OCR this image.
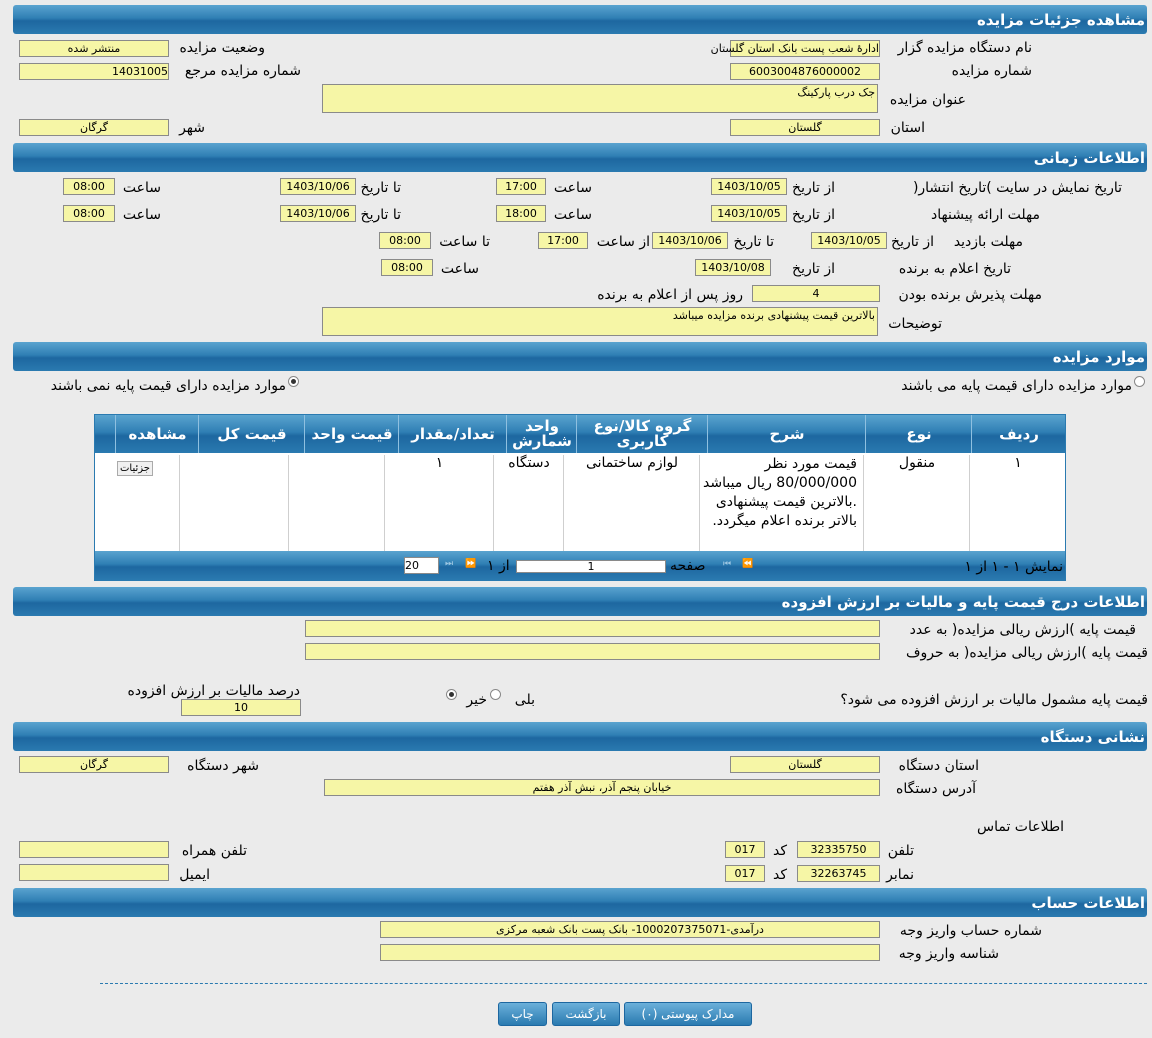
مشاهده جزئیات مزایده
نام دستگاه مزایده گزار
ادارۀ شعب پست بانک استان گلستان
وضعیت مزایده
منتشر شده
شماره مزایده
6003004876000002
شماره مزایده مرجع
14031005
عنوان مزایده
جک درب پارکینگ
استان
گلستان
شهر
گرگان
اطلاعات زمانی
تاریخ نمایش در سایت )تاریخ انتشار(
از تاریخ
1403/10/05
ساعت
17:00
تا تاریخ
1403/10/06
ساعت
08:00
مهلت ارائه پیشنهاد
از تاریخ
1403/10/05
ساعت
18:00
تا تاریخ
1403/10/06
ساعت
08:00
مهلت بازدید
از تاریخ
1403/10/05
تا تاریخ
1403/10/06
از ساعت
17:00
تا ساعت
08:00
تاریخ اعلام به برنده
از تاریخ
1403/10/08
ساعت
08:00
مهلت پذیرش برنده بودن
4
روز پس از اعلام به برنده
توضیحات
بالاترین قیمت پیشنهادی برنده مزایده میباشد
موارد مزایده
موارد مزایده دارای قیمت پایه می باشند
موارد مزایده دارای قیمت پایه نمی باشند
ردیف
نوع
شرح
گروه کالا/نوع کاربری
واحد شمارش
تعداد/مقدار
قیمت واحد
قیمت کل
مشاهده
۱
منقول
قیمت مورد نظر 80/000/000 ریال میباشد .بالاترین قیمت پیشنهادی بالاتر برنده اعلام میگردد.
لوازم ساختمانی
دستگاه
۱
جزئیات
نمایش ۱ - ۱ از ۱
⏮ ⏪
صفحه
1
از ۱
⏩
⏭
20
اطلاعات درج قیمت پایه و مالیات بر ارزش افزوده
قیمت پایه )ارزش ریالی مزایده( به عدد
قیمت پایه )ارزش ریالی مزایده( به حروف
قیمت پایه مشمول مالیات بر ارزش افزوده می شود؟
بلی
خیر
درصد مالیات بر ارزش افزوده
10
نشانی دستگاه
استان دستگاه
گلستان
شهر دستگاه
گرگان
آدرس دستگاه
خیابان پنجم آذر، نبش آذر هفتم
اطلاعات تماس
تلفن
32335750
کد
017
تلفن همراه
نمابر
32263745
کد
017
ایمیل
اطلاعات حساب
شماره حساب واریز وجه
درآمدی-1000207375071- بانک پست بانک شعبه مرکزی
شناسه واریز وجه
مدارک پیوستی (۰)
بازگشت
چاپ
